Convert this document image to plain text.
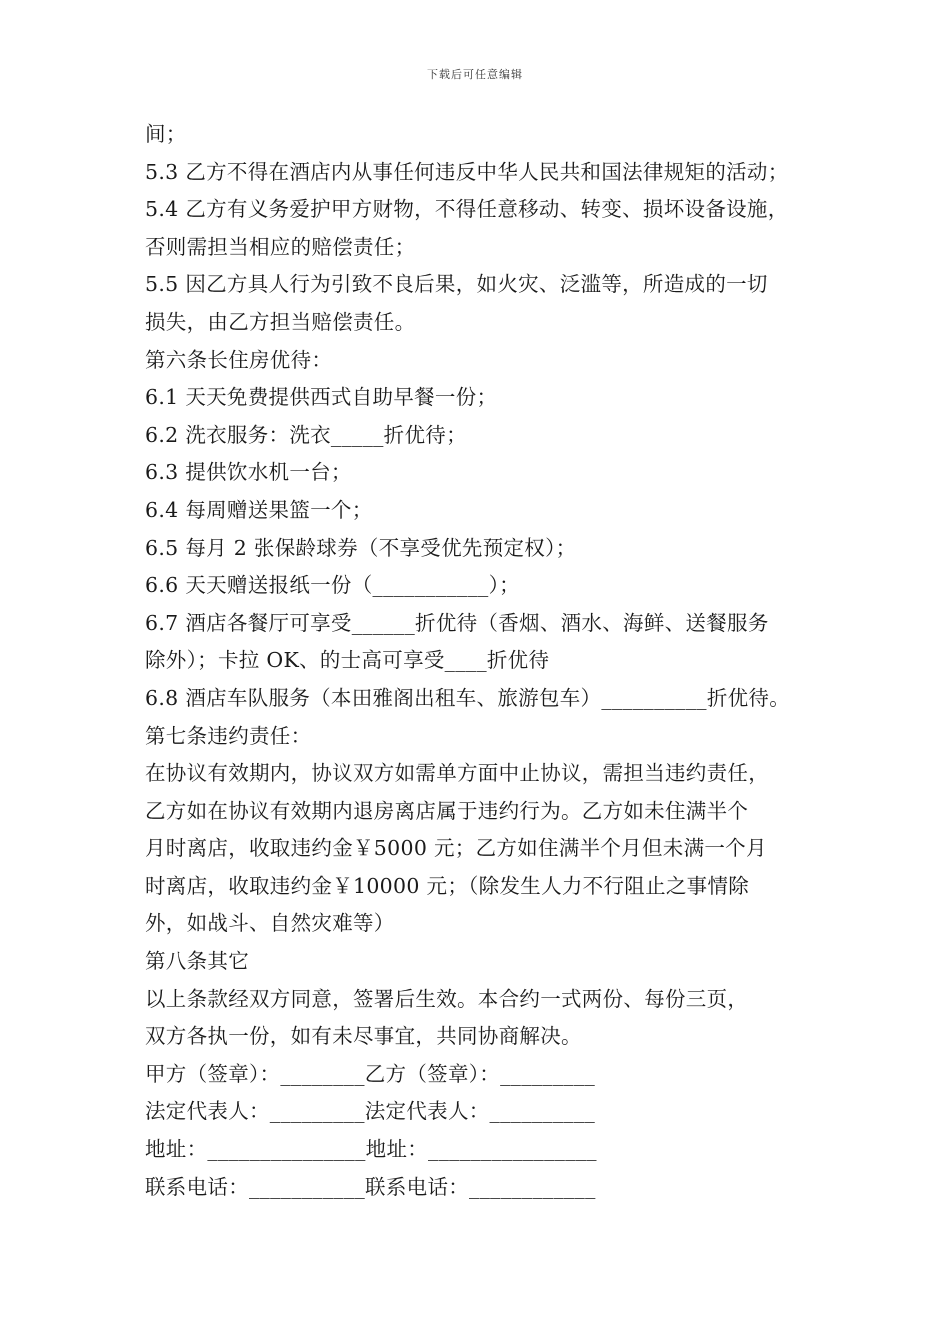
下载后可任意编辑
间；
5.3 乙方不得在酒店内从事任何违反中华人民共和国法律规矩的活动；
5.4 乙方有义务爱护甲方财物，不得任意移动、转变、损坏设备设施，
否则需担当相应的赔偿责任；
5.5 因乙方具人行为引致不良后果，如火灾、泛滥等，所造成的一切
损失，由乙方担当赔偿责任。
第六条长住房优待：
6.1 天天免费提供西式自助早餐一份；
6.2 洗衣服务：洗衣_____折优待；
6.3 提供饮水机一台；
6.4 每周赠送果篮一个；
6.5 每月 2 张保龄球券（不享受优先预定权）；
6.6 天天赠送报纸一份（___________）；
6.7 酒店各餐厅可享受______折优待（香烟、酒水、海鲜、送餐服务
除外）；卡拉 OK、的士高可享受____折优待
6.8 酒店车队服务（本田雅阁出租车、旅游包车）__________折优待。
第七条违约责任：
在协议有效期内，协议双方如需单方面中止协议，需担当违约责任，
乙方如在协议有效期内退房离店属于违约行为。乙方如未住满半个
月时离店，收取违约金￥5000 元；乙方如住满半个月但未满一个月
时离店，收取违约金￥10000 元；（除发生人力不行阻止之事情除
外，如战斗、自然灾难等）
第八条其它
以上条款经双方同意，签署后生效。本合约一式两份、每份三页，
双方各执一份，如有未尽事宜，共同协商解决。
甲方（签章）：________乙方（签章）：_________
法定代表人：_________法定代表人：__________
地址：_______________地址：________________
联系电话：___________联系电话：____________
